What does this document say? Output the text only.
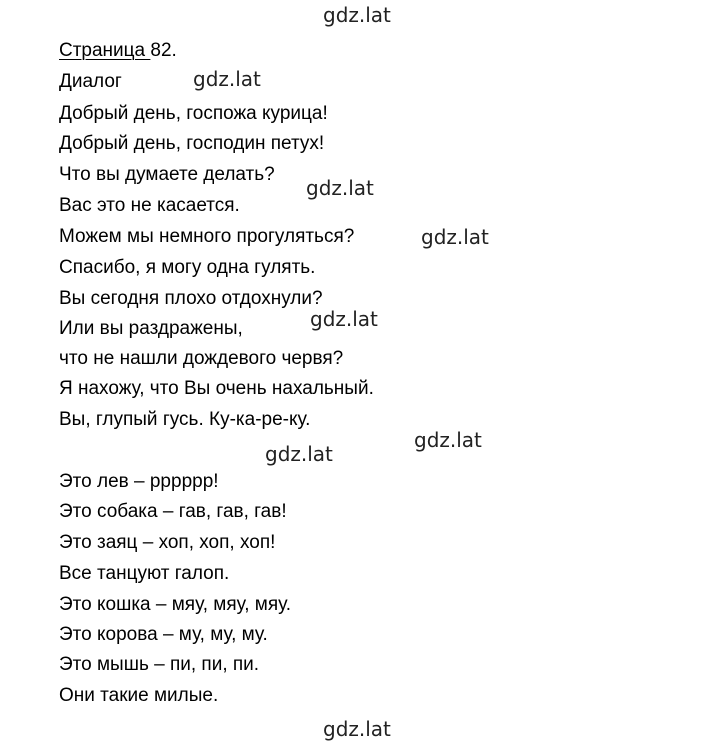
gdz.lat
gdz.lat
gdz.lat
gdz.lat
gdz.lat
gdz.lat
gdz.lat
gdz.lat
Страница 82.
Диалог
Добрый день, госпожа курица!
Добрый день, господин петух!
Что вы думаете делать?
Вас это не касается.
Можем мы немного прогуляться?
Спасибо, я могу одна гулять.
Вы сегодня плохо отдохнули?
Или вы раздражены,
что не нашли дождевого червя?
Я нахожу, что Вы очень нахальный.
Вы, глупый гусь. Ку-ка-ре-ку.
Это лев – рррррр!
Это собака – гав, гав, гав!
Это заяц – хоп, хоп, хоп!
Все танцуют галоп.
Это кошка – мяу, мяу, мяу.
Это корова – му, му, му.
Это мышь – пи, пи, пи.
Они такие милые.
